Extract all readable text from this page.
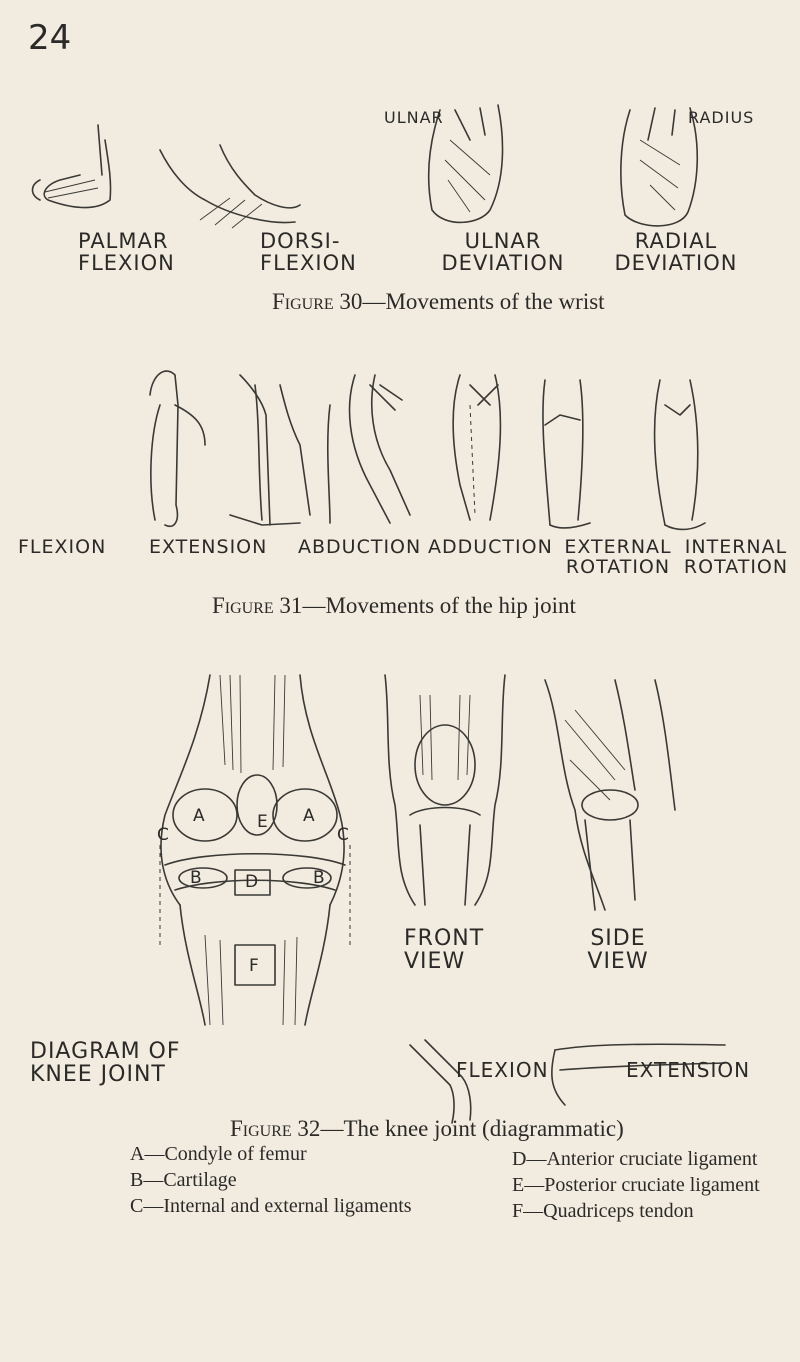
24
ULNAR	RADIUS
PALMAR
FLEXION
DORSI-
FLEXION
ULNAR
DEVIATION
RADIAL
DEVIATION
Figure 30—Movements of the wrist
FLEXION EXTENSION ABDUCTION ADDUCTION EXTERNAL
ROTATION
INTERNAL
ROTATION
Figure 31—Movements of the hip joint
A	A
B	B
C	C
D
E
F
FRONT
VIEW
SIDE
VIEW
DIAGRAM OF
KNEE JOINT	FLEXION	EXTENSION
Figure 32—The knee joint (diagrammatic)
A—Condyle of femur
B—Cartilage
C—Internal and external ligaments
D—Anterior cruciate ligament
E—Posterior cruciate ligament
F—Quadriceps tendon
